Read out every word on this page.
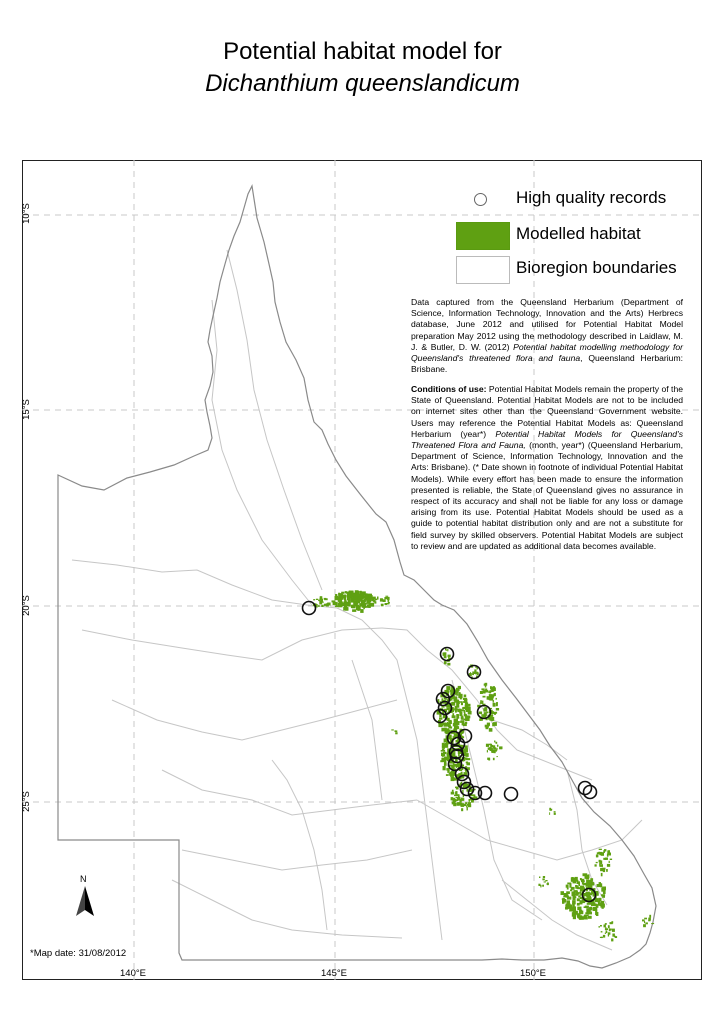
Potential habitat model for
Dichanthium queenslandicum
High quality records
Modelled habitat
Bioregion boundaries
Data captured from the Queensland Herbarium (Department of Science, Information Technology, Innovation and the Arts) Herbrecs database, June 2012 and utilised for Potential Habitat Model preparation May 2012 using the methodology described in Laidlaw, M. J. & Butler, D. W. (2012) Potential habitat modelling methodology for Queensland's threatened flora and fauna, Queensland Herbarium: Brisbane.
Conditions of use: Potential Habitat Models remain the property of the State of Queensland. Potential Habitat Models are not to be included on internet sites other than the Queensland Government website. Users may reference the Potential Habitat Models as: Queensland Herbarium (year*) Potential Habitat Models for Queensland's Threatened Flora and Fauna, (month, year*) (Queensland Herbarium, Department of Science, Information Technology, Innovation and the Arts: Brisbane). (* Date shown in footnote of individual Potential Habitat Models). While every effort has been made to ensure the information presented is reliable, the State of Queensland gives no assurance in respect of its accuracy and shall not be liable for any loss or damage arising from its use. Potential Habitat Models should be used as a guide to potential habitat distribution only and are not a substitute for field survey by skilled observers. Potential Habitat Models are subject to review and are updated as additional data becomes available.
N
*Map date: 31/08/2012
140°E	145°E	150°E
10°S
15°S
20°S
25°S
